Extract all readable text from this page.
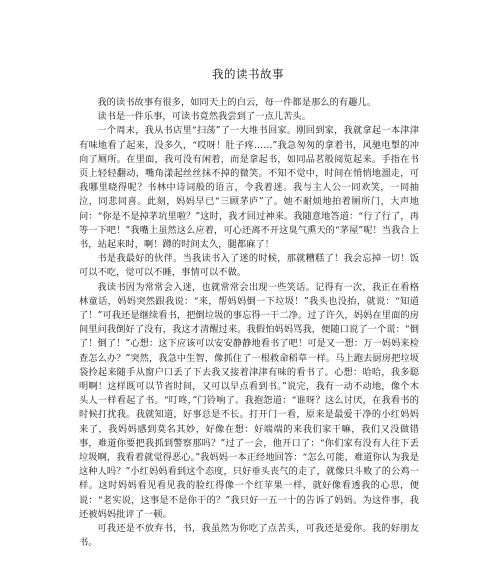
我的读书故事

我的读书故事有很多，如同天上的白云，每一件都是那么的有趣儿。

读书是一件乐事，可读书竟然我尝到了一点儿苦头。

一个周末，我从书店里“扫荡”了一大堆书回家。刚回到家，我就拿起一本津津有味地看了起来，没多久，“哎呀！肚子疼……”我急匆匆的拿着书，风驰电掣的冲向了厕所。在里面，我可没有闲着，而是拿起书，如同品茗般阅览起来。手指在书页上轻轻翻动，嘴角漾起丝丝抹不掉的微笑。不知不觉中，时间在悄悄地溜走，可我哪里晓得呢？书林中诗词般的语言，令我着迷。我与主人公一同欢笑，一同抽泣，同悲同喜。此刻，妈妈早已“三顾茅庐”了。她不耐烦地拍着厕所门，大声地问：“你是不是掉茅坑里啦？”这时，我才回过神来。我随意地答道：“行了行了，再等一下吧！”我嘴上虽然这么应着，可心还离不开这臭气熏天的“茅屋”呢！当我合上书，站起来时，啊！蹲的时间太久，腿都麻了！

书是我最好的伙伴。当我读书入了迷的时候，那就糟糕了！我会忘掉一切！饭可以不吃，觉可以不睡，事情可以不做。

我读书因为常常会入迷，也就常常会出现一些笑话。记得有一次，我正在看格林童话，妈妈突然跟我说：“来，帮妈妈倒一下垃圾！”我头也没抬，就说：“知道了！”可我还是继续看书，把倒垃圾的事忘得一干二净。过了许久，妈妈在里面的房间里问我倒好了没有，我这才清醒过来。我假怕妈妈骂我，便随口说了一个谎：“倒了！倒了！”心想：这下应该可以安安静静地看书了吧！可是又一想：万一妈妈来检查怎么办？”突然，我急中生智，像抓住了一根救命稻草一样。马上跑去厨房把垃圾袋拎起来随手从窗户口丢了下去我又接着津津有味的看书了。心想：哈哈，我多聪明啊！这样既可以节省时间，又可以早点看到书。”说完，我有一动不动地，像个木头人一样看起了书。“叮咚，”门铃响了。我抱怨道：“谁呀？这么讨厌，在我看书的时候打扰我。我就知道，好事总是不长。打开门一看，原来是最爱干净的小红妈妈来了，我妈妈感到莫名其妙，好像在想：好端端的来我们家干嘛，我们又没做错事，难道你要把我抓到警察那吗？”过了一会，他开口了：“你们家有没有人往下丢垃圾啊，我看着就觉得恶心。”我妈妈一本正经地回答：“怎么可能，难道你认为我是这种人吗？”小红妈妈看到这个态度，只好垂头丧气的走了，就像只斗败了的公鸡一样。这时妈妈看见看见我的脸红得像一个红苹果一样，就好像看透我的心思，便说：“老实说，这事是不是你干的？”我只好一五一十的告诉了妈妈。为这件事，我还被妈妈批评了一顿。

可我还是不放弃书，书，我虽然为你吃了点苦头，可我还是爱你。我的好朋友书。
